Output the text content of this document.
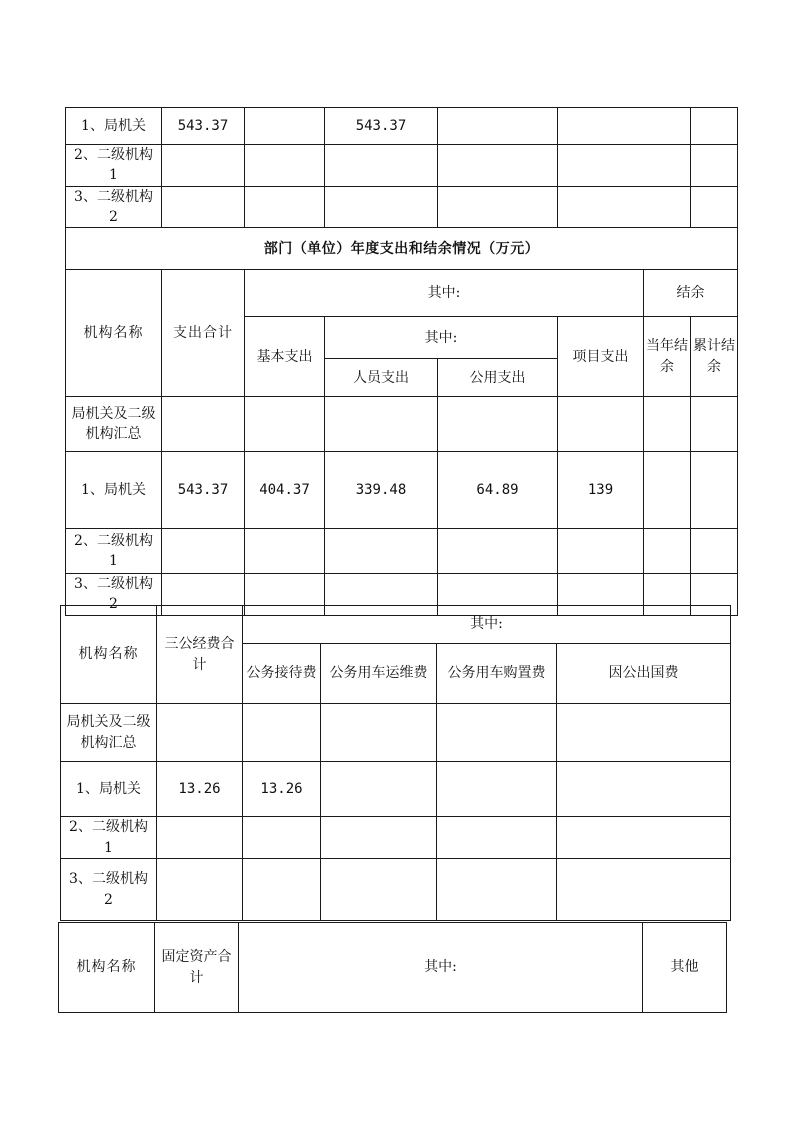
1、局机关	543.37		543.37				
2、二级机构 1							
3、二级机构 2							
部门（单位）年度支出和结余情况（万元）							
机构名称	支出合计	其中:				结余	
		基本支出	其中:		项目支出	当年结余	累计结余
			人员支出	公用支出			
局机关及二级机构汇总							
1、局机关	543.37	404.37	339.48	64.89	139		
2、二级机构 1							
3、二级机构 2							
机构名称	三公经费合计	其中:			
		公务接待费	公务用车运维费	公务用车购置费	因公出国费
局机关及二级机构汇总					
1、局机关	13.26	13.26			
2、二级机构 1					
3、二级机构 2					
机构名称	固定资产合计	其中:	其他
